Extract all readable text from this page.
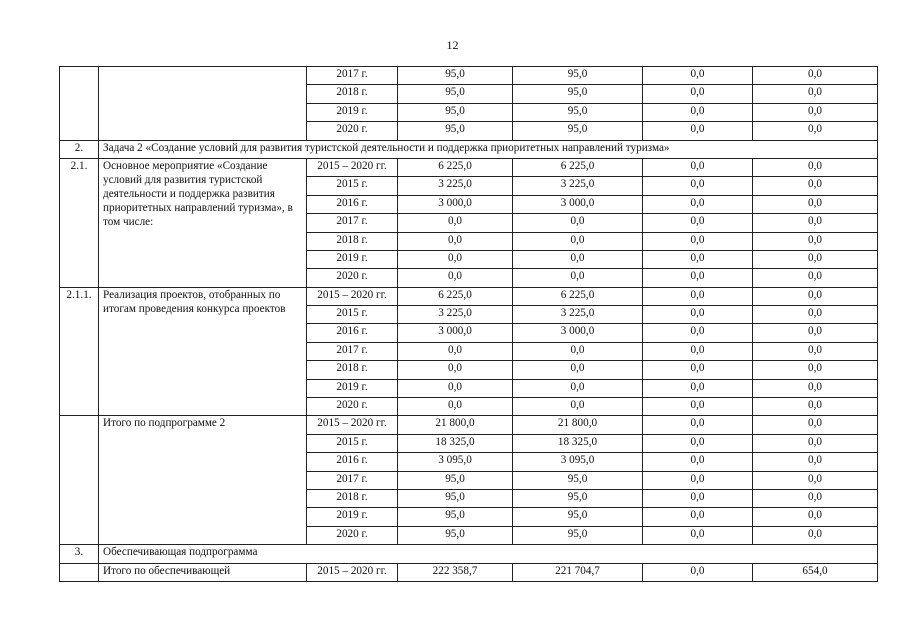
12
		2017 г.	95,0	95,0	0,0	0,0
		2018 г.	95,0	95,0	0,0	0,0
		2019 г.	95,0	95,0	0,0	0,0
		2020 г.	95,0	95,0	0,0	0,0
2.	Задача 2 «Создание условий для развития туристской деятельности и поддержка приоритетных направлений туризма»					
2.1.	Основное мероприятие «Создание условий для развития туристской деятельности и поддержка развития приоритетных направлений туризма», в том числе:	2015 – 2020 гг.	6 225,0	6 225,0	0,0	0,0
		2015 г.	3 225,0	3 225,0	0,0	0,0
		2016 г.	3 000,0	3 000,0	0,0	0,0
		2017 г.	0,0	0,0	0,0	0,0
		2018 г.	0,0	0,0	0,0	0,0
		2019 г.	0,0	0,0	0,0	0,0
		2020 г.	0,0	0,0	0,0	0,0
2.1.1.	Реализация проектов, отобранных по итогам проведения конкурса проектов	2015 – 2020 гг.	6 225,0	6 225,0	0,0	0,0
		2015 г.	3 225,0	3 225,0	0,0	0,0
		2016 г.	3 000,0	3 000,0	0,0	0,0
		2017 г.	0,0	0,0	0,0	0,0
		2018 г.	0,0	0,0	0,0	0,0
		2019 г.	0,0	0,0	0,0	0,0
		2020 г.	0,0	0,0	0,0	0,0
	Итого по подпрограмме 2	2015 – 2020 гг.	21 800,0	21 800,0	0,0	0,0
		2015 г.	18 325,0	18 325,0	0,0	0,0
		2016 г.	3 095,0	3 095,0	0,0	0,0
		2017 г.	95,0	95,0	0,0	0,0
		2018 г.	95,0	95,0	0,0	0,0
		2019 г.	95,0	95,0	0,0	0,0
		2020 г.	95,0	95,0	0,0	0,0
3.	Обеспечивающая подпрограмма					
	Итого по обеспечивающей	2015 – 2020 гг.	222 358,7	221 704,7	0,0	654,0
